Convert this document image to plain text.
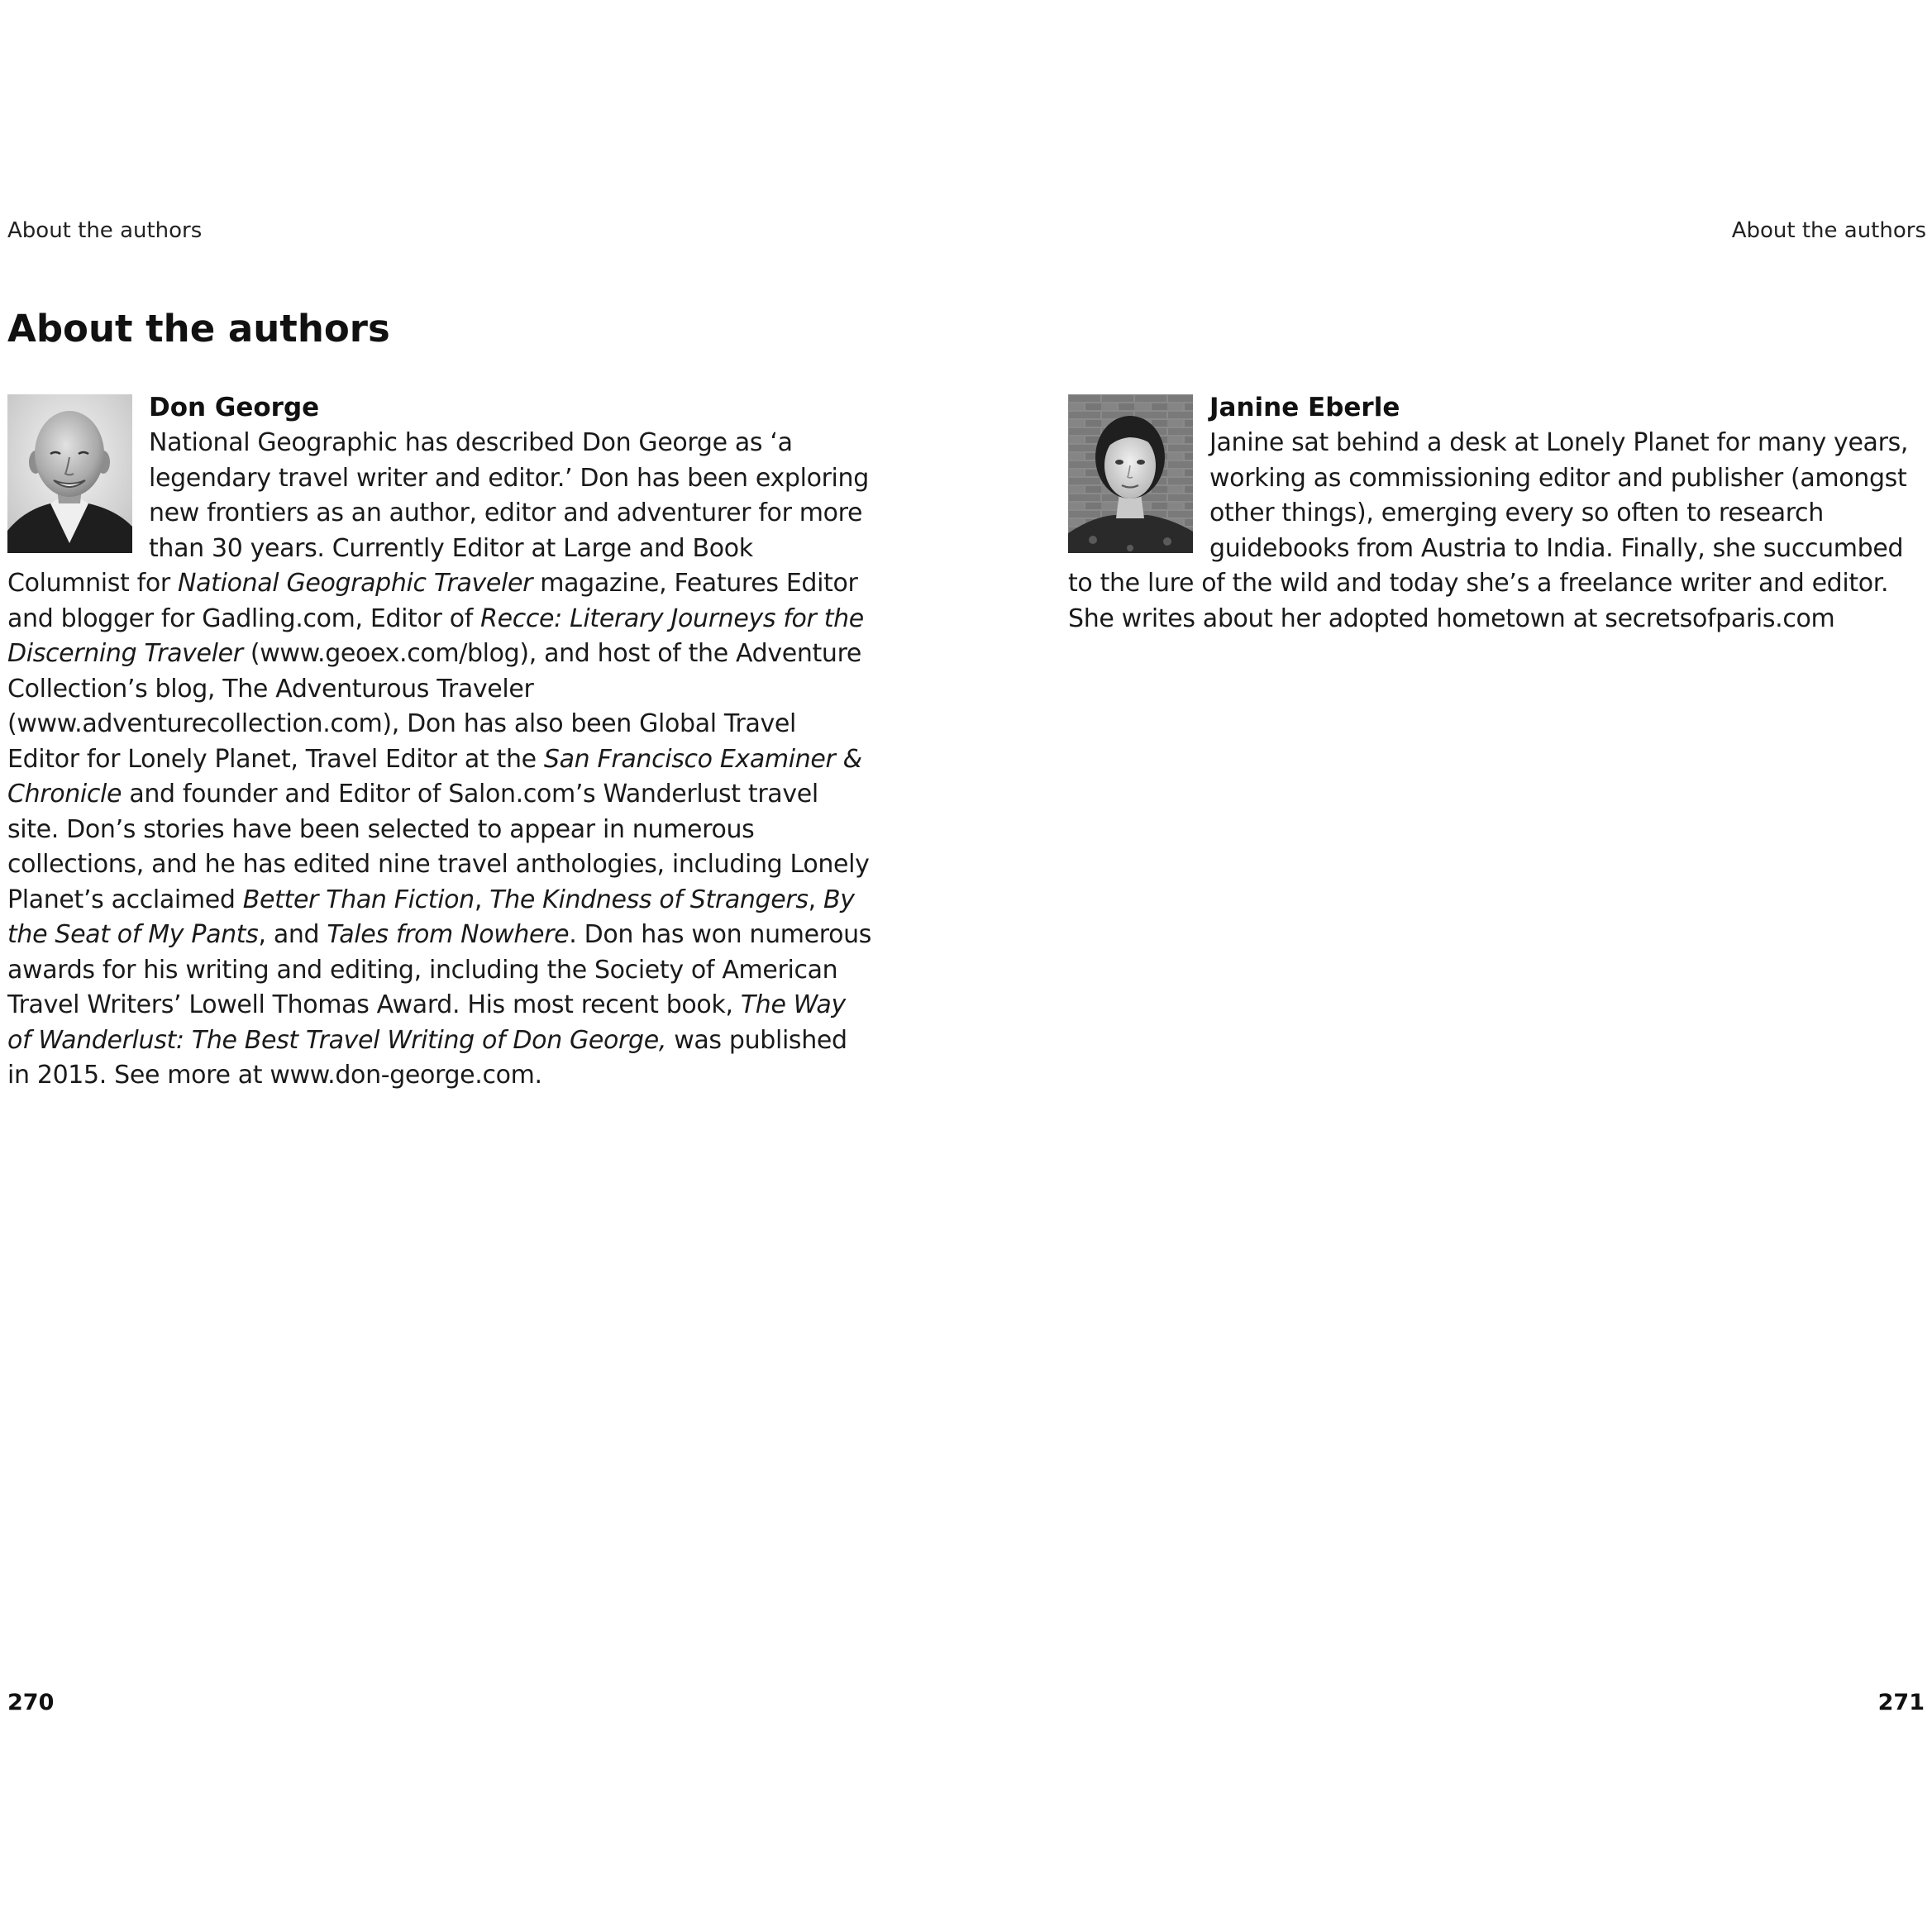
About the authors	About the authors
About the authors
Don George

National Geographic has described Don George as ‘a legendary travel writer and editor.’ Don has been exploring new frontiers as an author, editor and adventurer for more than 30 years. Currently Editor at Large and Book Columnist for National Geographic Traveler magazine, Features Editor and blogger for Gadling.com, Editor of Recce: Literary Journeys for the Discerning Traveler (www.geoex.com/blog), and host of the Adventure Collection’s blog, The Adventurous Traveler (www.adventurecollection.com), Don has also been Global Travel Editor for Lonely Planet, Travel Editor at the San Francisco Examiner & Chronicle and founder and Editor of Salon.com’s Wanderlust travel site. Don’s stories have been selected to appear in numerous collections, and he has edited nine travel anthologies, including Lonely Planet’s acclaimed Better Than Fiction, The Kindness of Strangers, By the Seat of My Pants, and Tales from Nowhere. Don has won numerous awards for his writing and editing, including the Society of American Travel Writers’ Lowell Thomas Award. His most recent book, The Way of Wanderlust: The Best Travel Writing of Don George, was published in 2015. See more at www.don-george.com.

Janine Eberle

Janine sat behind a desk at Lonely Planet for many years, working as commissioning editor and publisher (amongst other things), emerging every so often to research guidebooks from Austria to India. Finally, she succumbed to the lure of the wild and today she’s a freelance writer and editor. She writes about her adopted hometown at secretsofparis.com

270	271
